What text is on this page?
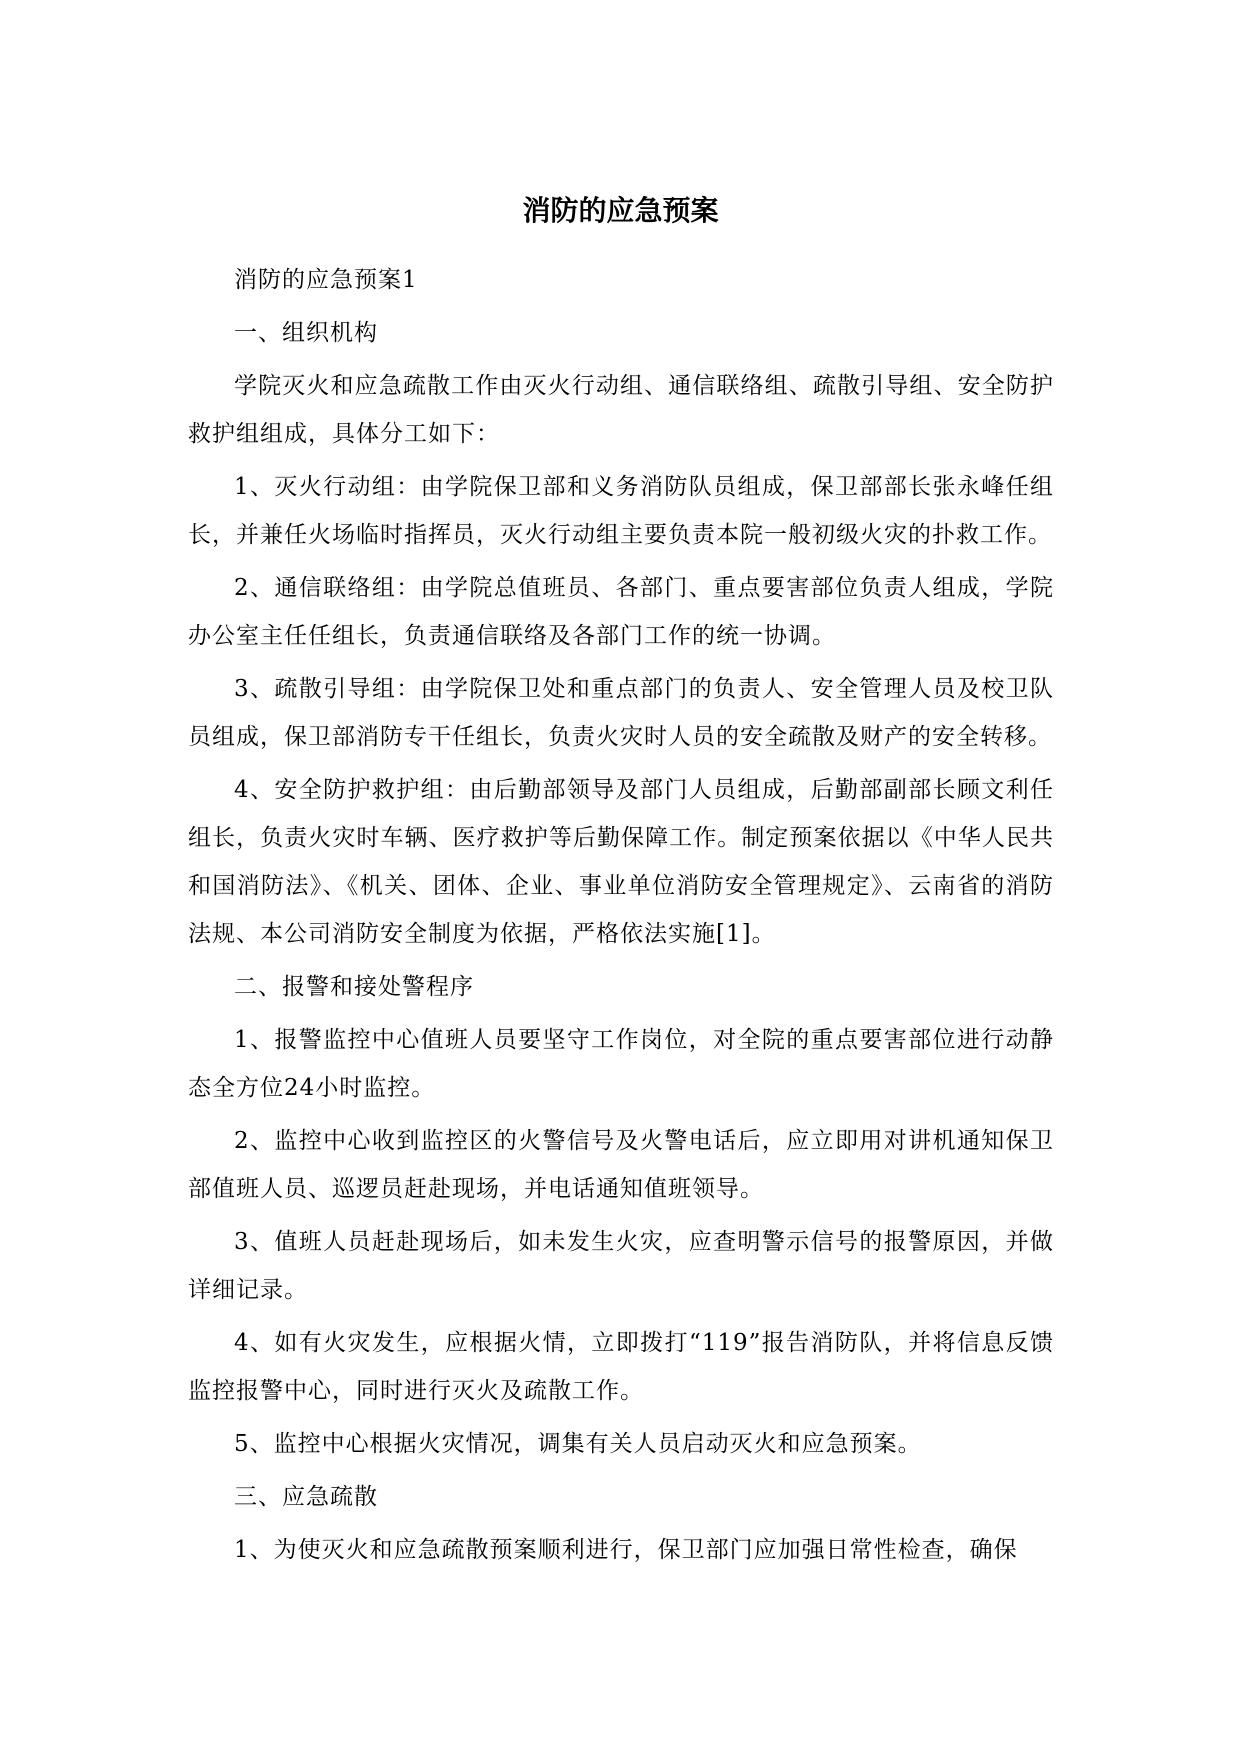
消防的应急预案

消防的应急预案1

一、组织机构

学院灭火和应急疏散工作由灭火行动组、通信联络组、疏散引导组、安全防护救护组组成，具体分工如下：

1、灭火行动组：由学院保卫部和义务消防队员组成，保卫部部长张永峰任组长，并兼任火场临时指挥员，灭火行动组主要负责本院一般初级火灾的扑救工作。

2、通信联络组：由学院总值班员、各部门、重点要害部位负责人组成，学院办公室主任任组长，负责通信联络及各部门工作的统一协调。

3、疏散引导组：由学院保卫处和重点部门的负责人、安全管理人员及校卫队员组成，保卫部消防专干任组长，负责火灾时人员的安全疏散及财产的安全转移。

4、安全防护救护组：由后勤部领导及部门人员组成，后勤部副部长顾文利任组长，负责火灾时车辆、医疗救护等后勤保障工作。制定预案依据以《中华人民共和国消防法》、《机关、团体、企业、事业单位消防安全管理规定》、云南省的消防法规、本公司消防安全制度为依据，严格依法实施[1]。

二、报警和接处警程序

1、报警监控中心值班人员要坚守工作岗位，对全院的重点要害部位进行动静态全方位24小时监控。

2、监控中心收到监控区的火警信号及火警电话后，应立即用对讲机通知保卫部值班人员、巡逻员赶赴现场，并电话通知值班领导。

3、值班人员赶赴现场后，如未发生火灾，应查明警示信号的报警原因，并做详细记录。

4、如有火灾发生，应根据火情，立即拨打“119”报告消防队，并将信息反馈监控报警中心，同时进行灭火及疏散工作。

5、监控中心根据火灾情况，调集有关人员启动灭火和应急预案。

三、应急疏散

1、为使灭火和应急疏散预案顺利进行，保卫部门应加强日常性检查，确保
